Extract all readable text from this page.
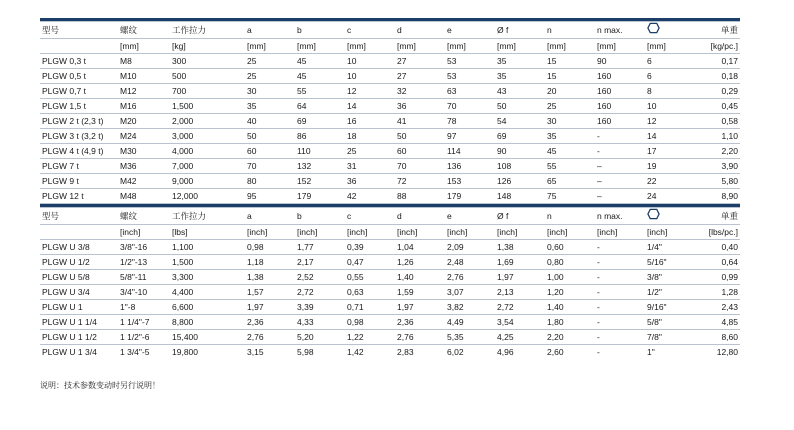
型号	螺纹	工作拉力	a	b	c	d	e	Ø f	n	n max.		单重
	[mm]	[kg]	[mm]	[mm]	[mm]	[mm]	[mm]	[mm]	[mm]	[mm]	[mm]	[kg/pc.]
PLGW 0,3 t	M8	300	25	45	10	27	53	35	15	90	6	0,17
PLGW 0,5 t	M10	500	25	45	10	27	53	35	15	160	6	0,18
PLGW 0,7 t	M12	700	30	55	12	32	63	43	20	160	8	0,29
PLGW 1,5 t	M16	1,500	35	64	14	36	70	50	25	160	10	0,45
PLGW 2 t (2,3 t)	M20	2,000	40	69	16	41	78	54	30	160	12	0,58
PLGW 3 t (3,2 t)	M24	3,000	50	86	18	50	97	69	35	-	14	1,10
PLGW 4 t (4,9 t)	M30	4,000	60	110	25	60	114	90	45	-	17	2,20
PLGW 7 t	M36	7,000	70	132	31	70	136	108	55	–	19	3,90
PLGW 9 t	M42	9,000	80	152	36	72	153	126	65	–	22	5,80
PLGW 12 t	M48	12,000	95	179	42	88	179	148	75	–	24	8,90

型号	螺纹	工作拉力	a	b	c	d	e	Ø f	n	n max.		单重
	[inch]	[lbs]	[inch]	[inch]	[inch]	[inch]	[inch]	[inch]	[inch]	[inch]	[inch]	[lbs/pc.]
PLGW U 3/8	3/8"-16	1,100	0,98	1,77	0,39	1,04	2,09	1,38	0,60	-	1/4"	0,40
PLGW U 1/2	1/2"-13	1,500	1,18	2,17	0,47	1,26	2,48	1,69	0,80	-	5/16"	0,64
PLGW U 5/8	5/8"-11	3,300	1,38	2,52	0,55	1,40	2,76	1,97	1,00	-	3/8"	0,99
PLGW U 3/4	3/4"-10	4,400	1,57	2,72	0,63	1,59	3,07	2,13	1,20	-	1/2"	1,28
PLGW U 1	1"-8	6,600	1,97	3,39	0,71	1,97	3,82	2,72	1,40	-	9/16"	2,43
PLGW U 1 1/4	1 1/4"-7	8,800	2,36	4,33	0,98	2,36	4,49	3,54	1,80	-	5/8"	4,85
PLGW U 1 1/2	1 1/2"-6	15,400	2,76	5,20	1,22	2,76	5,35	4,25	2,20	-	7/8"	8,60
PLGW U 1 3/4	1 3/4"-5	19,800	3,15	5,98	1,42	2,83	6,02	4,96	2,60	-	1"	12,80
说明：技术参数变动时另行说明！
